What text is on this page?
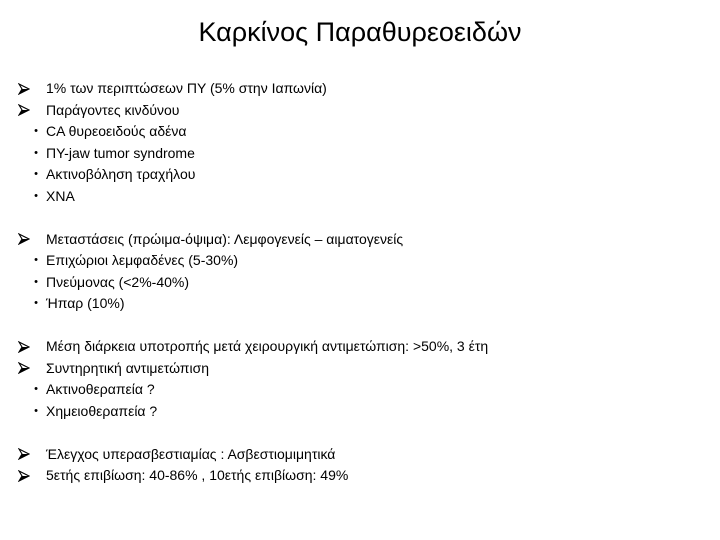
Καρκίνος Παραθυρεοειδών
1% των περιπτώσεων ΠΥ (5% στην Ιαπωνία)
Παράγοντες κινδύνου
• CA θυρεοειδούς αδένα
• ΠΥ-jaw tumor syndrome
• Ακτινοβόληση τραχήλου
• ΧΝΑ
Μεταστάσεις (πρώιμα-όψιμα): Λεμφογενείς – αιματογενείς
• Επιχώριοι λεμφαδένες (5-30%)
• Πνεύμονας (<2%-40%)
• Ήπαρ (10%)
Μέση διάρκεια υποτροπής μετά χειρουργική αντιμετώπιση: >50%, 3 έτη
Συντηρητική αντιμετώπιση
• Ακτινοθεραπεία ?
• Χημειοθεραπεία ?
Έλεγχος υπερασβεστιαμίας : Ασβεστιομιμητικά
5ετής επιβίωση: 40-86% , 10ετής επιβίωση: 49%
